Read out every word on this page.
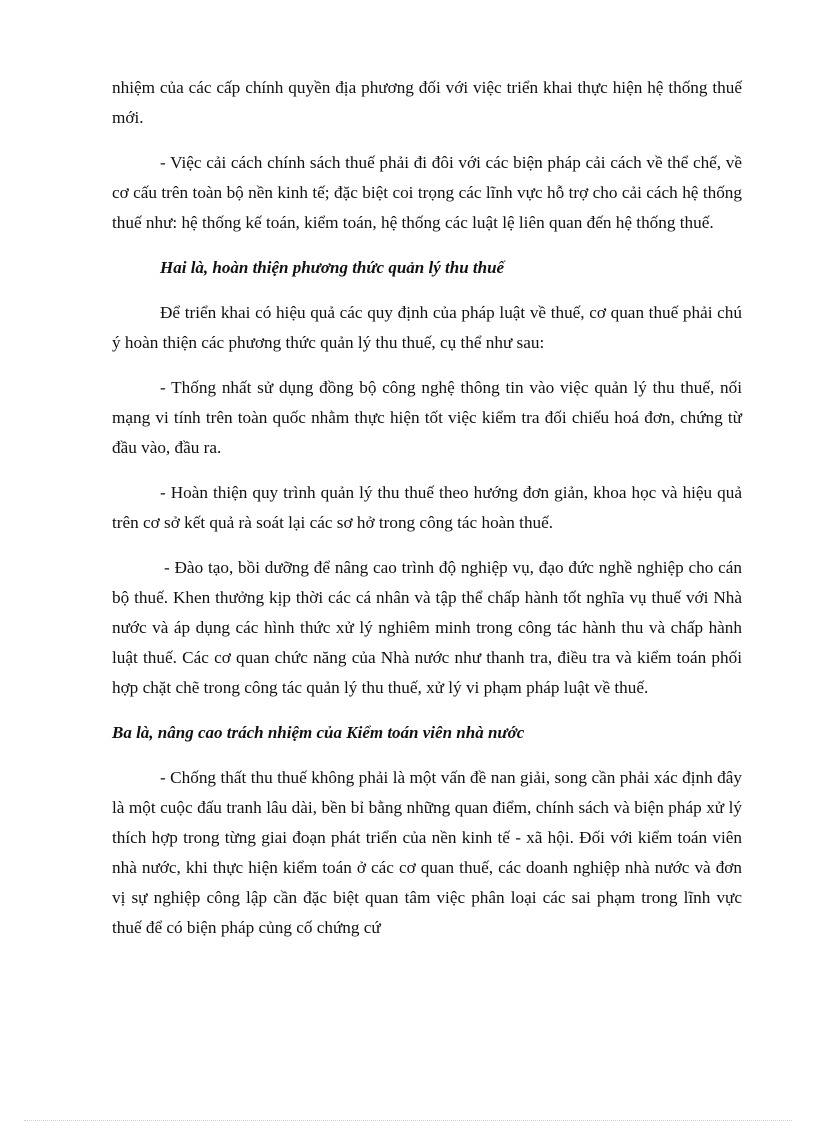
nhiệm của các cấp chính quyền địa phương đối với việc triển khai thực hiện hệ thống thuế mới.

- Việc cải cách chính sách thuế phải đi đôi với các biện pháp cải cách về thể chế, về cơ cấu trên toàn bộ nền kinh tế; đặc biệt coi trọng các lĩnh vực hỗ trợ cho cải cách hệ thống thuế như: hệ thống kế toán, kiểm toán, hệ thống các luật lệ liên quan đến hệ thống thuế.

Hai là, hoàn thiện phương thức quản lý thu thuế

Để triển khai có hiệu quả các quy định của pháp luật về thuế, cơ quan thuế phải chú ý hoàn thiện các phương thức quản lý thu thuế, cụ thể như sau:

- Thống nhất sử dụng đồng bộ công nghệ thông tin vào việc quản lý thu thuế, nối mạng vi tính trên toàn quốc nhằm thực hiện tốt việc kiểm tra đối chiếu hoá đơn, chứng từ đầu vào, đầu ra.

- Hoàn thiện quy trình quản lý thu thuế theo hướng đơn giản, khoa học và hiệu quả trên cơ sở kết quả rà soát lại các sơ hở trong công tác hoàn thuế.

- Đào tạo, bồi dưỡng để nâng cao trình độ nghiệp vụ, đạo đức nghề nghiệp cho cán bộ thuế. Khen thưởng kịp thời các cá nhân và tập thể chấp hành tốt nghĩa vụ thuế với Nhà nước và áp dụng các hình thức xử lý nghiêm minh trong công tác hành thu và chấp hành luật thuế. Các cơ quan chức năng của Nhà nước như thanh tra, điều tra và kiểm toán phối hợp chặt chẽ trong công tác quản lý thu thuế, xử lý vi phạm pháp luật về thuế.

Ba là, nâng cao trách nhiệm của Kiểm toán viên nhà nước

- Chống thất thu thuế không phải là một vấn đề nan giải, song cần phải xác định đây là một cuộc đấu tranh lâu dài, bền bỉ bằng những quan điểm, chính sách và biện pháp xử lý thích hợp trong từng giai đoạn phát triển của nền kinh tế - xã hội. Đối với kiểm toán viên nhà nước, khi thực hiện kiểm toán ở các cơ quan thuế, các doanh nghiệp nhà nước và đơn vị sự nghiệp công lập cần đặc biệt quan tâm việc phân loại các sai phạm trong lĩnh vực thuế để có biện pháp củng cố chứng cứ
